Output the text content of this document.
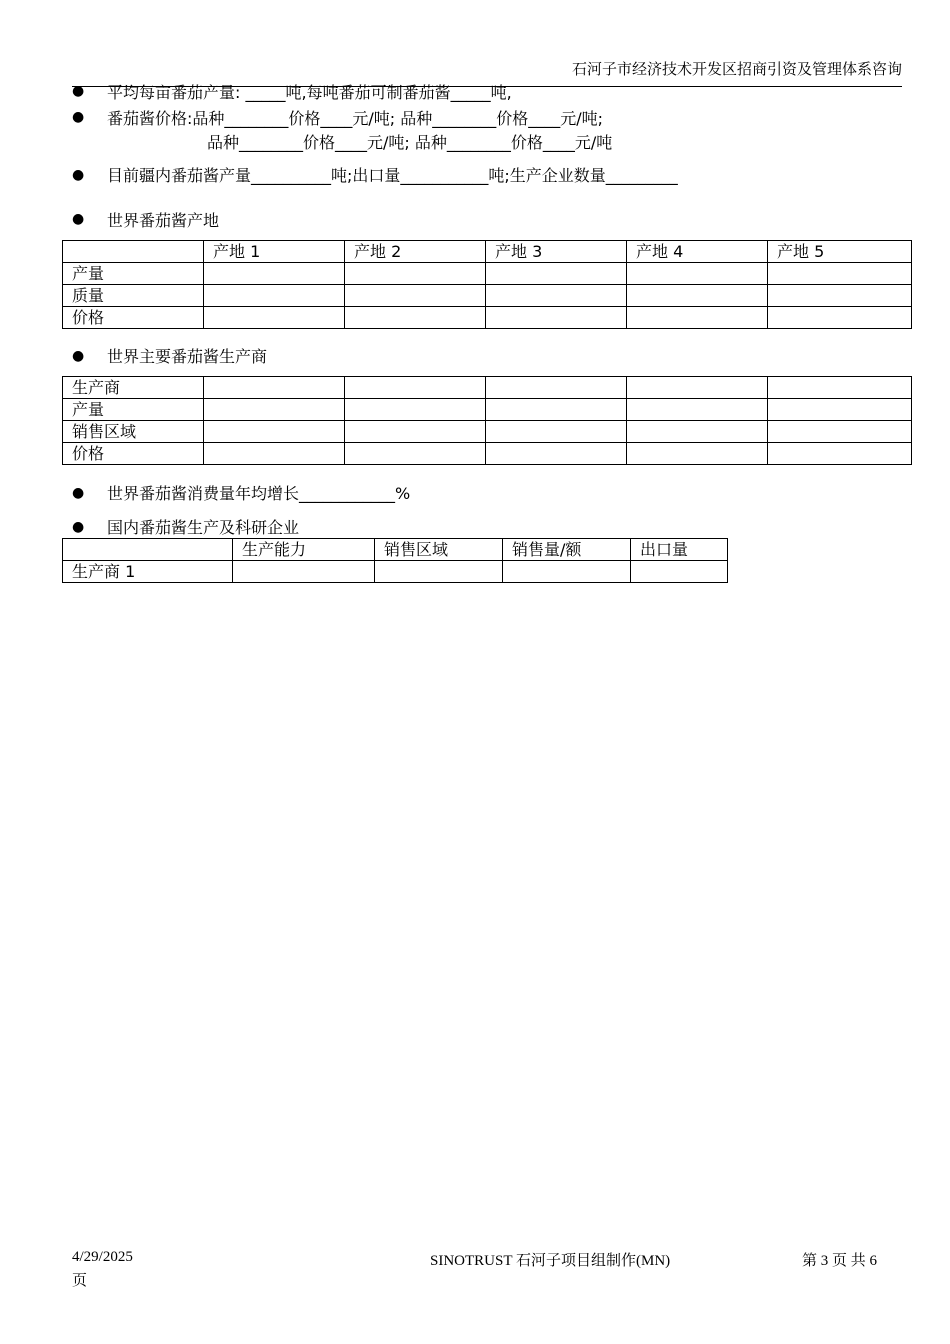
石河子市经济技术开发区招商引资及管理体系咨询
● 平均每亩番茄产量: _____吨,每吨番茄可制番茄酱_____吨,
● 番茄酱价格:品种________价格____元/吨; 品种________价格____元/吨;
品种________价格____元/吨; 品种________价格____元/吨
● 目前疆内番茄酱产量__________吨;出口量___________吨;生产企业数量_________
● 世界番茄酱产地
	产地 1	产地 2	产地 3	产地 4	产地 5
产量					
质量					
价格					
● 世界主要番茄酱生产商
生产商					
产量					
销售区域					
价格					
● 世界番茄酱消费量年均增长____________%
● 国内番茄酱生产及科研企业
	生产能力	销售区域	销售量/额	出口量
生产商 1				
4/29/2025
页
SINOTRUST 石河子项目组制作(MN)	第 3 页 共 6
